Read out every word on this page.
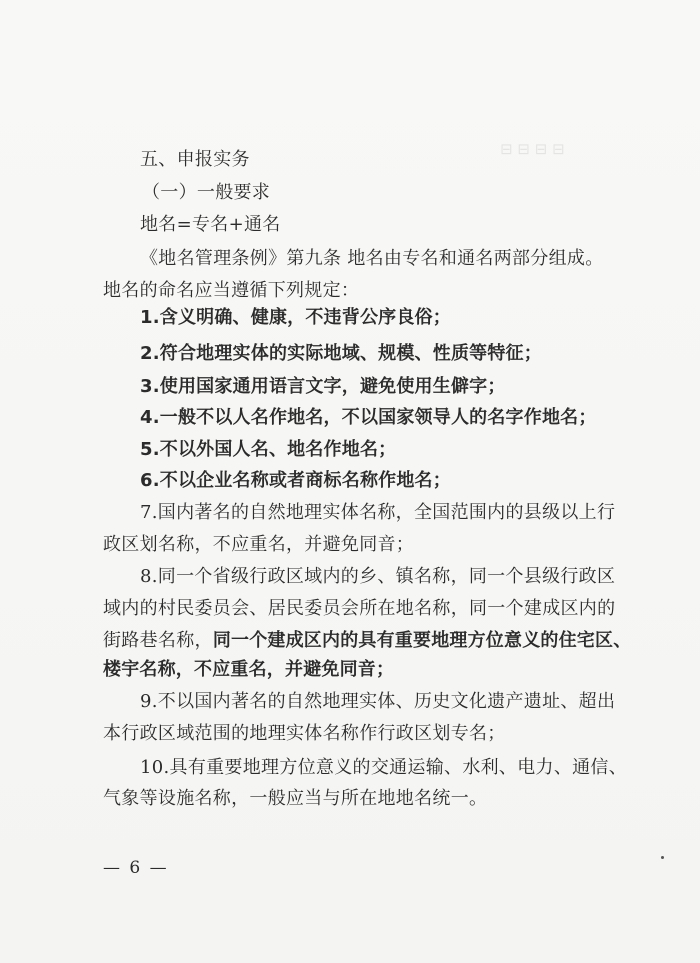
⊟ ⊟ ⊟ ⊟
五、申报实务
（一）一般要求
地名=专名+通名
《地名管理条例》第九条 地名由专名和通名两部分组成。
地名的命名应当遵循下列规定：
1.含义明确、健康，不违背公序良俗；
2.符合地理实体的实际地域、规模、性质等特征；
3.使用国家通用语言文字，避免使用生僻字；
4.一般不以人名作地名，不以国家领导人的名字作地名；
5.不以外国人名、地名作地名；
6.不以企业名称或者商标名称作地名；
7.国内著名的自然地理实体名称，全国范围内的县级以上行
政区划名称，不应重名，并避免同音；
8.同一个省级行政区域内的乡、镇名称，同一个县级行政区
域内的村民委员会、居民委员会所在地名称，同一个建成区内的
街路巷名称，同一个建成区内的具有重要地理方位意义的住宅区、
楼宇名称，不应重名，并避免同音；
9.不以国内著名的自然地理实体、历史文化遗产遗址、超出
本行政区域范围的地理实体名称作行政区划专名；
10.具有重要地理方位意义的交通运输、水利、电力、通信、
气象等设施名称，一般应当与所在地地名统一。
— 6 —
